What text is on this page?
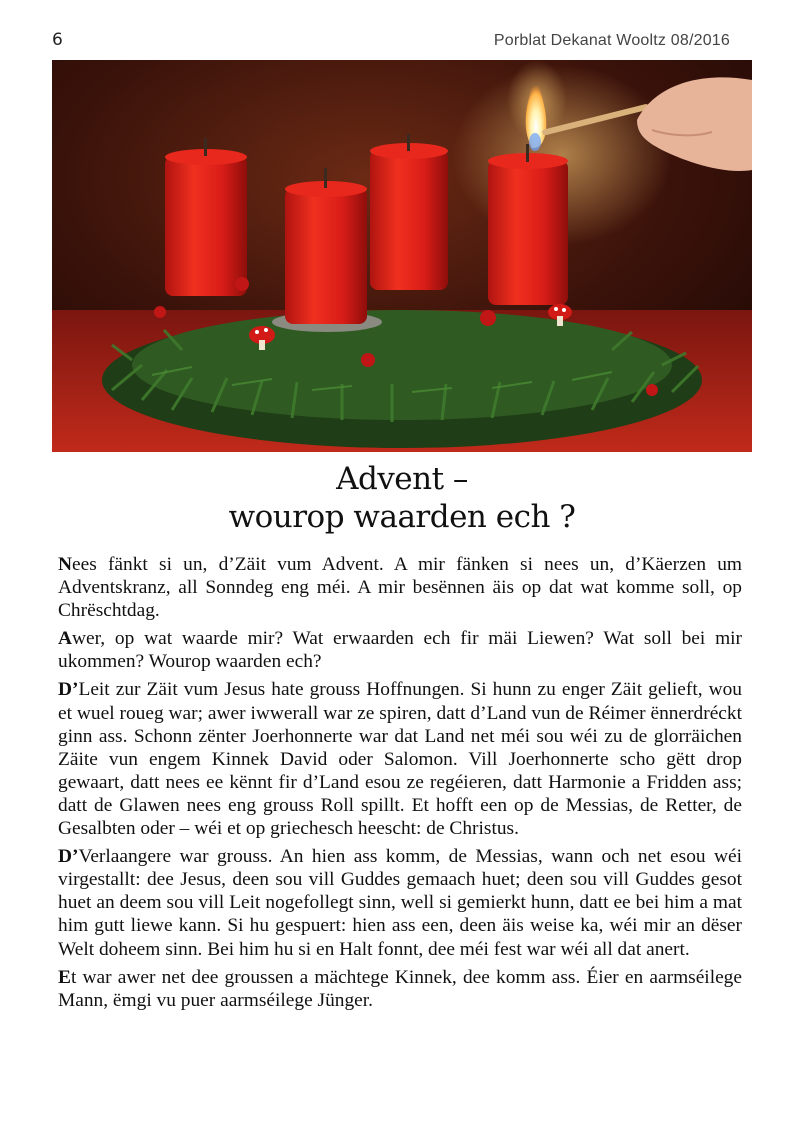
6	Porblat Dekanat Wooltz 08/2016
Advent –
wourop waarden ech ?

Nees fänkt si un, d’Zäit vum Advent. A mir fänken si nees un, d’Käerzen um Adventskranz, all Sonndeg eng méi. A mir besënnen äis op dat wat komme soll, op Chrëschtdag.

Awer, op wat waarde mir? Wat erwaarden ech fir mäi Liewen? Wat soll bei mir ukommen? Wourop waarden ech?

D’Leit zur Zäit vum Jesus hate grouss Hoffnungen. Si hunn zu enger Zäit gelieft, wou et wuel roueg war; awer iwwerall war ze spiren, datt d’Land vun de Réimer ënnerdréckt ginn ass. Schonn zënter Joerhonnerte war dat Land net méi sou wéi zu de glorräichen Zäite vun engem Kinnek David oder Salomon. Vill Joerhonnerte scho gëtt drop gewaart, datt nees ee kënnt fir d’Land esou ze regéieren, datt Harmonie a Fridden ass; datt de Glawen nees eng grouss Roll spillt. Et hofft een op de Messias, de Retter, de Gesalbten oder – wéi et op griechesch heescht: de Christus.

D’Verlaangere war grouss. An hien ass komm, de Messias, wann och net esou wéi virgestallt: dee Jesus, deen sou vill Guddes gemaach huet; deen sou vill Guddes gesot huet an deem sou vill Leit nogefollegt sinn, well si gemierkt hunn, datt ee bei him a mat him gutt liewe kann. Si hu gespuert: hien ass een, deen äis weise ka, wéi mir an dëser Welt doheem sinn. Bei him hu si en Halt fonnt, dee méi fest war wéi all dat anert.

Et war awer net dee groussen a mächtege Kinnek, dee komm ass. Éier en aarmséilege Mann, ëmgi vu puer aarmséilege Jünger.
